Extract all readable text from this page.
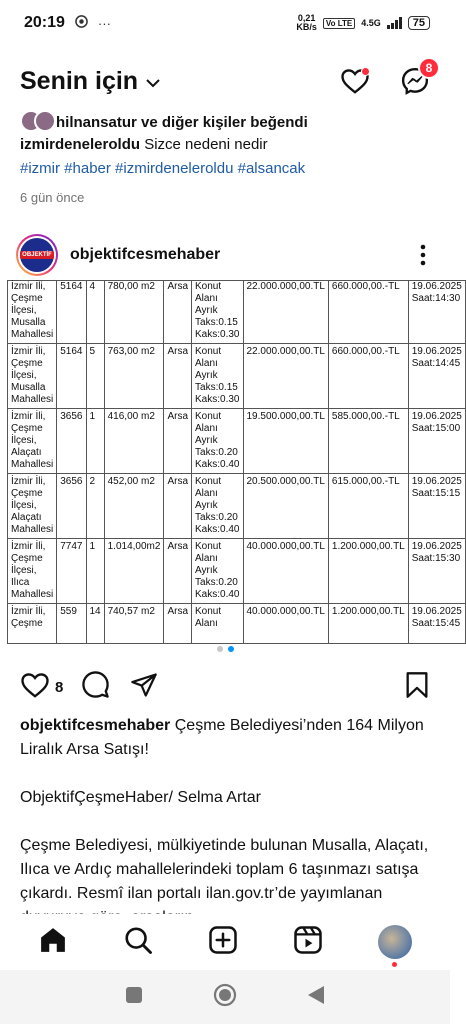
20:19	···	0,21
KB/s	Vo LTE	4.5G	75
Senin için	8
hilnansatur ve diğer kişiler beğendi
izmirdeneleroldu Sizce nedeni nedir
#izmir #haber #izmirdeneleroldu #alsancak
6 gün önce
OBJEKTİF objektifcesmehaber
İzmir İli, Çeşme İlçesi, Musalla Mahallesi	5164	4	780,00 m2	Arsa	Konut Alanı Ayrık Taks:0.15 Kaks:0.30	22.000.000,00.TL	660.000,00.-TL	19.06.2025 Saat:14:30
İzmir İli, Çeşme İlçesi, Musalla Mahallesi	5164	5	763,00 m2	Arsa	Konut Alanı Ayrık Taks:0.15 Kaks:0.30	22.000.000,00.TL	660.000,00.-TL	19.06.2025 Saat:14:45
İzmir İli, Çeşme İlçesi, Alaçatı Mahallesi	3656	1	416,00 m2	Arsa	Konut Alanı Ayrık Taks:0.20 Kaks:0.40	19.500.000,00.TL	585.000,00.-TL	19.06.2025 Saat:15:00
İzmir İli, Çeşme İlçesi, Alaçatı Mahallesi	3656	2	452,00 m2	Arsa	Konut Alanı Ayrık Taks:0.20 Kaks:0.40	20.500.000,00.TL	615.000,00.-TL	19.06.2025 Saat:15:15
İzmir İli, Çeşme İlçesi, Ilıca Mahallesi	7747	1	1.014,00m2	Arsa	Konut Alanı Ayrık Taks:0.20 Kaks:0.40	40.000.000,00.TL	1.200.000,00.TL	19.06.2025 Saat:15:30
İzmir İli, Çeşme	559	14	740,57 m2	Arsa	Konut Alanı	40.000.000,00.TL	1.200.000,00.TL	19.06.2025 Saat:15:45
8

objektifcesmehaber Çeşme Belediyesi’nden 164 Milyon Liralık Arsa Satışı!

ObjektifÇeşmeHaber/ Selma Artar

Çeşme Belediyesi, mülkiyetinde bulunan Musalla, Alaçatı, Ilıca ve Ardıç mahallelerindeki toplam 6 taşınmazı satışa çıkardı. Resmî ilan portalı ilan.gov.tr’de yayımlanan
